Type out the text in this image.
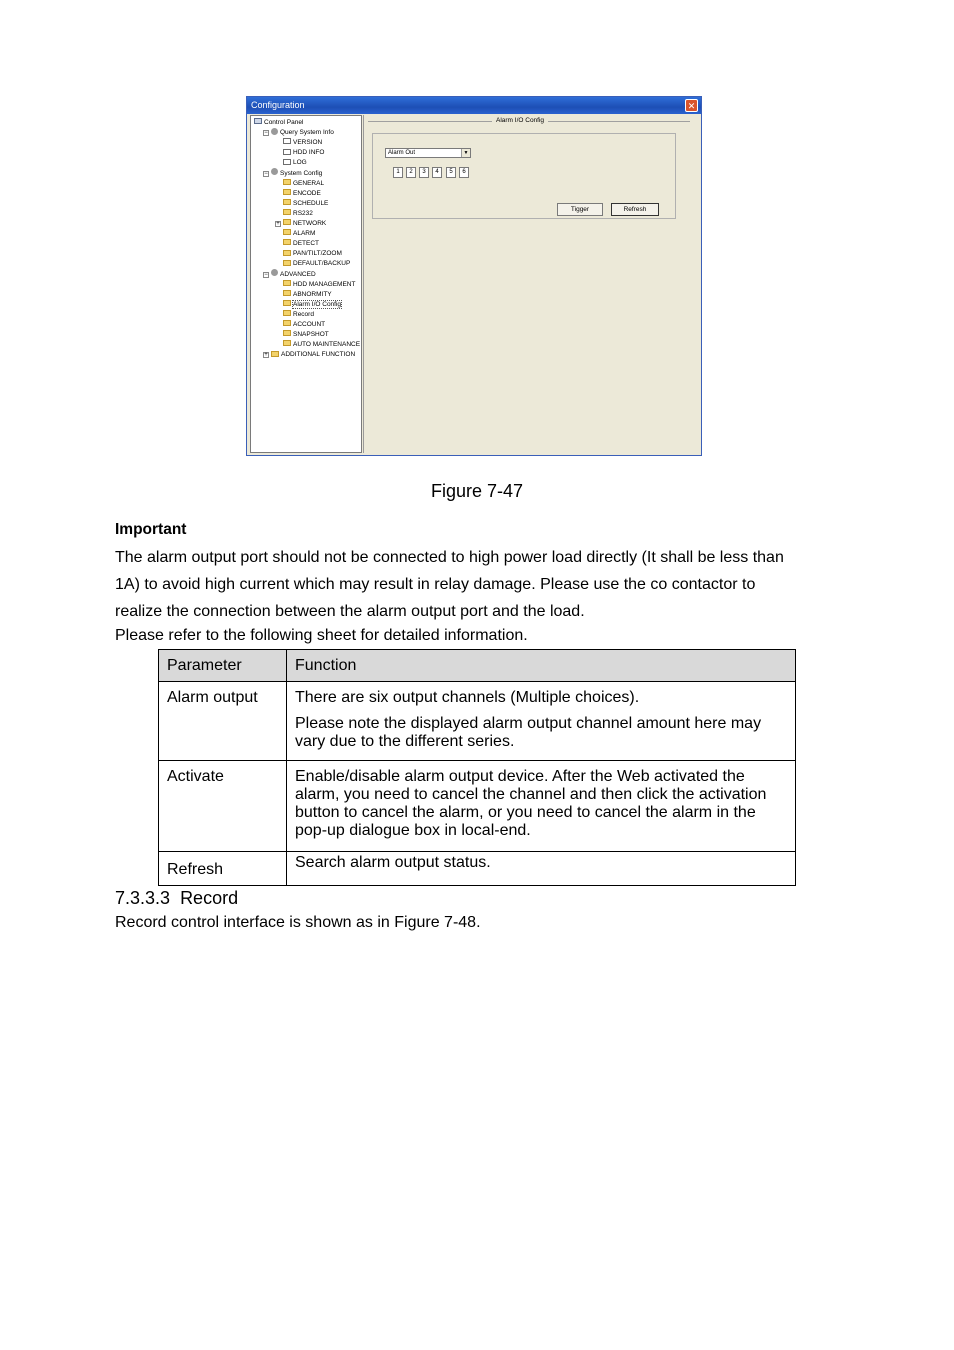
Configuration	✕
Control Panel
−	Query System Info
VERSION
HDD INFO
LOG
−	System Config
GENERAL
ENCODE
SCHEDULE
RS232
+	NETWORK
ALARM
DETECT
PAN/TILT/ZOOM
DEFAULT/BACKUP
−	ADVANCED
HDD MANAGEMENT
ABNORMITY
Alarm I/O Config
Record
ACCOUNT
SNAPSHOT
AUTO MAINTENANCE
+	ADDITIONAL FUNCTION
Alarm I/O Config
Alarm Out	▼
1	2	3	4	5	6
Tigger	Refresh
Figure 7-47
Important
The alarm output port should not be connected to high power load directly (It shall be less than
1A) to avoid high current which may result in relay damage. Please use the co contactor to
realize the connection between the alarm output port and the load.
Please refer to the following sheet for detailed information.
Parameter	Function
Alarm output	There are six output channels (Multiple choices).

Please note the displayed alarm output channel amount here may vary due to the different series.

Activate	Enable/disable alarm output device. After the Web activated the alarm, you need to cancel the channel and then click the activation button to cancel the alarm, or you need to cancel the alarm in the pop-up dialogue box in local-end.

Refresh	Search alarm output status.

7.3.3.3 Record
Record control interface is shown as in Figure 7-48.
